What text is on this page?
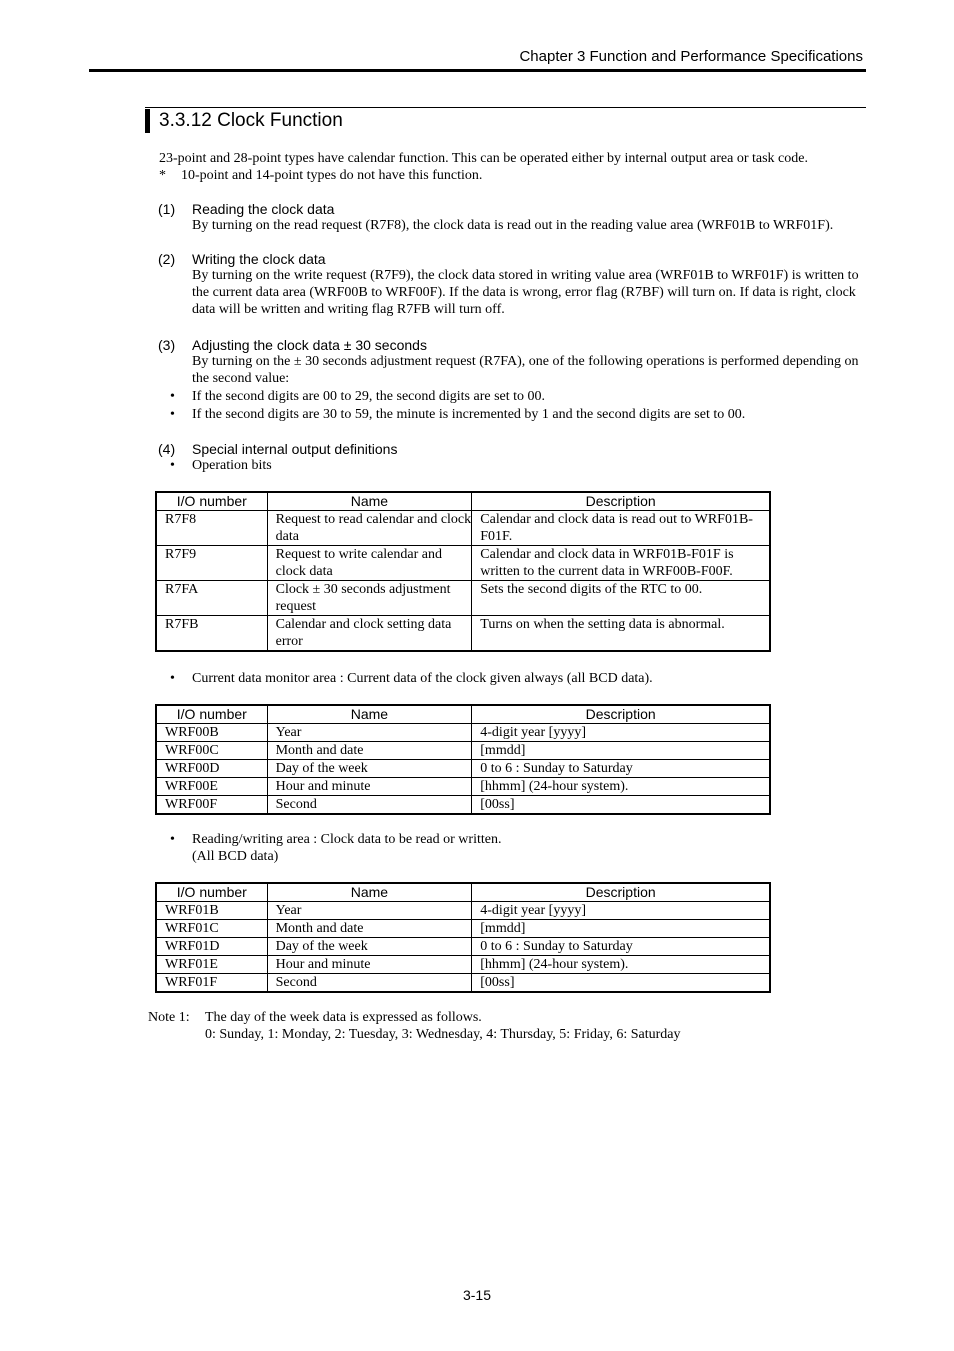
Chapter 3 Function and Performance Specifications
3.3.12 Clock Function
23-point and 28-point types have calendar function. This can be operated either by internal output area or task code.
* 10-point and 14-point types do not have this function.
(1) Reading the clock data
By turning on the read request (R7F8), the clock data is read out in the reading value area (WRF01B to WRF01F).
(2) Writing the clock data
By turning on the write request (R7F9), the clock data stored in writing value area (WRF01B to WRF01F) is written to the current data area (WRF00B to WRF00F). If the data is wrong, error flag (R7BF) will turn on. If data is right, clock data will be written and writing flag R7FB will turn off.
(3) Adjusting the clock data ± 30 seconds
By turning on the ± 30 seconds adjustment request (R7FA), one of the following operations is performed depending on the second value:
• If the second digits are 00 to 29, the second digits are set to 00.
• If the second digits are 30 to 59, the minute is incremented by 1 and the second digits are set to 00.
(4) Special internal output definitions
• Operation bits
I/O number	Name	Description
R7F8	Request to read calendar and clock data	Calendar and clock data is read out to WRF01B-F01F.
R7F9	Request to write calendar and clock data	Calendar and clock data in WRF01B-F01F is written to the current data in WRF00B-F00F.
R7FA	Clock ± 30 seconds adjustment request	Sets the second digits of the RTC to 00.
R7FB	Calendar and clock setting data error	Turns on when the setting data is abnormal.
• Current data monitor area : Current data of the clock given always (all BCD data).
I/O number	Name	Description
WRF00B	Year	4-digit year [yyyy]
WRF00C	Month and date	[mmdd]
WRF00D	Day of the week	0 to 6 : Sunday to Saturday
WRF00E	Hour and minute	[hhmm] (24-hour system).
WRF00F	Second	[00ss]
• Reading/writing area : Clock data to be read or written.
(All BCD data)
I/O number	Name	Description
WRF01B	Year	4-digit year [yyyy]
WRF01C	Month and date	[mmdd]
WRF01D	Day of the week	0 to 6 : Sunday to Saturday
WRF01E	Hour and minute	[hhmm] (24-hour system).
WRF01F	Second	[00ss]
Note 1: The day of the week data is expressed as follows.
0: Sunday, 1: Monday, 2: Tuesday, 3: Wednesday, 4: Thursday, 5: Friday, 6: Saturday
3-15
